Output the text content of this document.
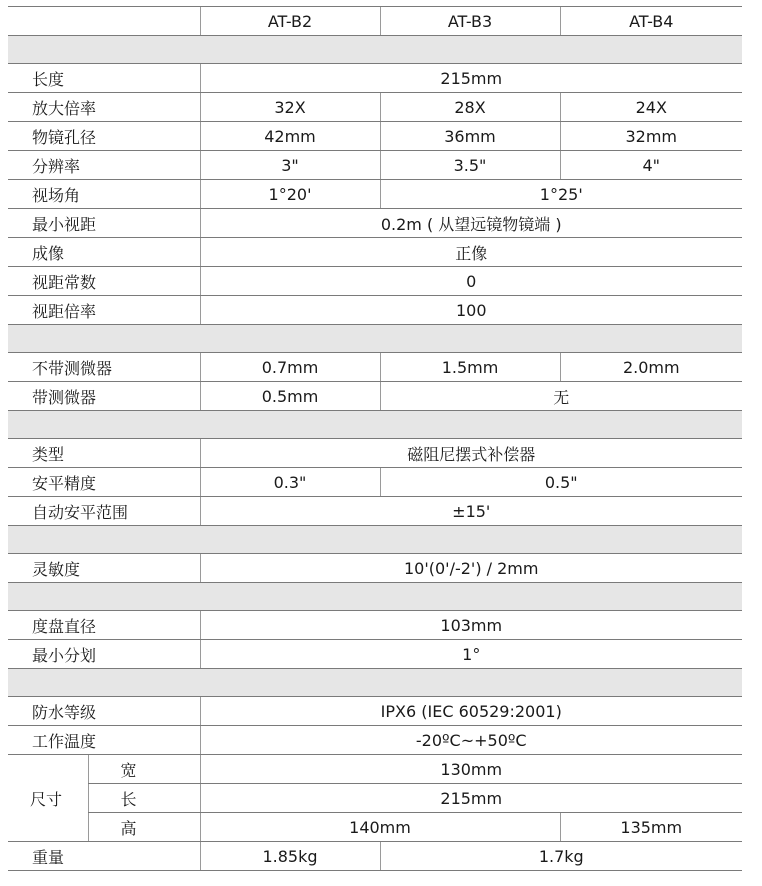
		AT-B2	AT-B3	AT-B4

长度		215mm		
放大倍率		32X	28X	24X
物镜孔径		42mm	36mm	32mm
分辨率		3"	3.5"	4"
视场角		1°20'	1°25'	
最小视距		0.2m ( 从望远镜物镜端 )		
成像		正像		
视距常数		0		
视距倍率		100		

不带测微器		0.7mm	1.5mm	2.0mm
带测微器		0.5mm	无	

类型		磁阻尼摆式补偿器		
安平精度		0.3"	0.5"	
自动安平范围		±15'		

灵敏度		10'(0'/-2') / 2mm		

度盘直径		103mm		
最小分划		1°		

防水等级		IPX6 (IEC 60529:2001)		
工作温度		-20ºC~+50ºC		
尺寸	宽	130mm		
	长	215mm		
	高	140mm		135mm
重量		1.85kg	1.7kg	
